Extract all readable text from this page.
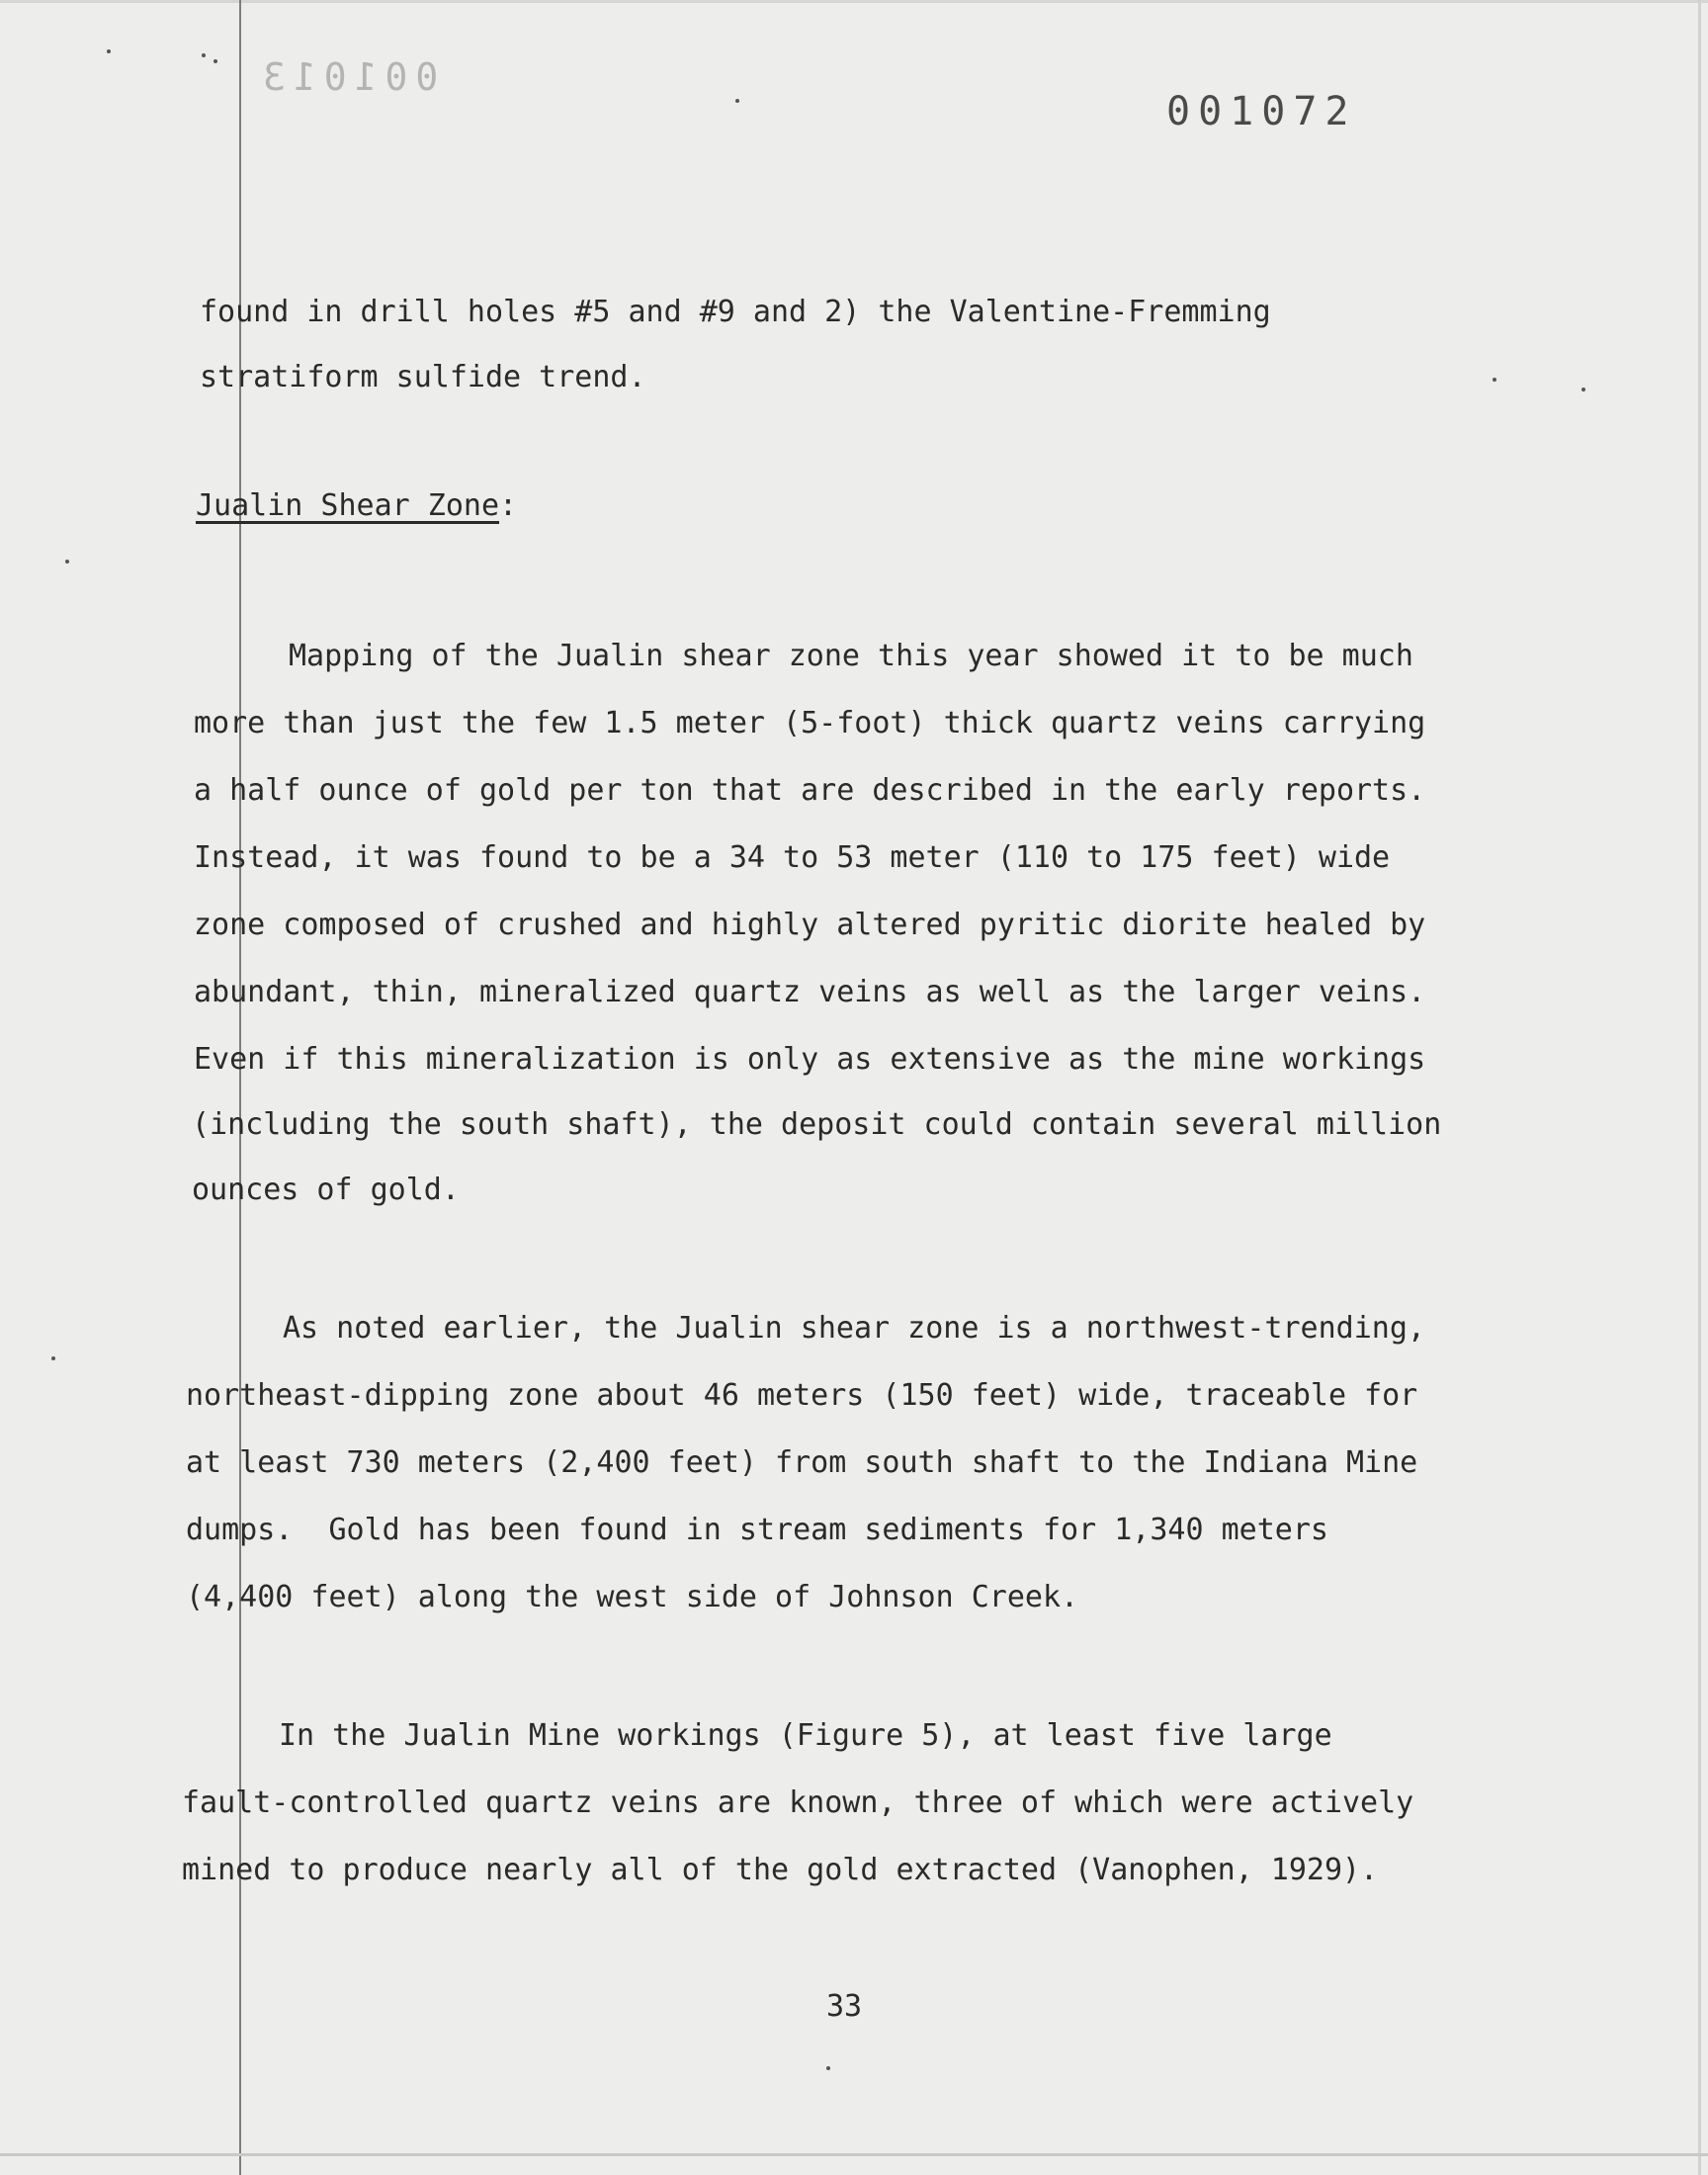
001013
001072
found in drill holes #5 and #9 and 2) the Valentine-Fremming
stratiform sulfide trend.
Jualin Shear Zone:
Mapping of the Jualin shear zone this year showed it to be much
more than just the few 1.5 meter (5-foot) thick quartz veins carrying
a half ounce of gold per ton that are described in the early reports.
Instead, it was found to be a 34 to 53 meter (110 to 175 feet) wide
zone composed of crushed and highly altered pyritic diorite healed by
abundant, thin, mineralized quartz veins as well as the larger veins.
Even if this mineralization is only as extensive as the mine workings
(including the south shaft), the deposit could contain several million
ounces of gold.
As noted earlier, the Jualin shear zone is a northwest-trending,
northeast-dipping zone about 46 meters (150 feet) wide, traceable for
at least 730 meters (2,400 feet) from south shaft to the Indiana Mine
dumps.  Gold has been found in stream sediments for 1,340 meters
(4,400 feet) along the west side of Johnson Creek.
In the Jualin Mine workings (Figure 5), at least five large
fault-controlled quartz veins are known, three of which were actively
mined to produce nearly all of the gold extracted (Vanophen, 1929).
33
